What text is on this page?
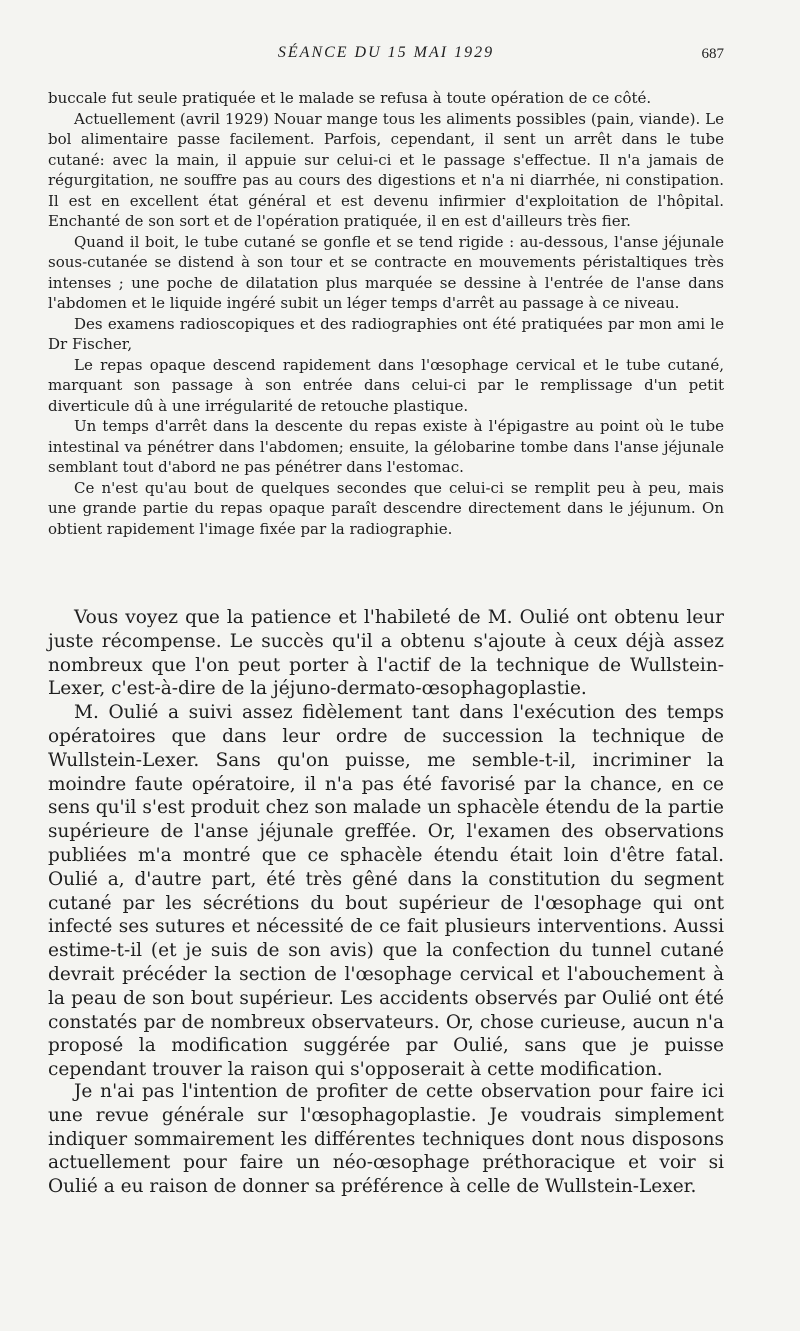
SÉANCE DU 15 MAI 1929	687

buccale fut seule pratiquée et le malade se refusa à toute opération de ce côté.

Actuellement (avril 1929) Nouar mange tous les aliments possibles (pain, viande). Le bol alimentaire passe facilement. Parfois, cependant, il sent un arrêt dans le tube cutané: avec la main, il appuie sur celui-ci et le passage s'effectue. Il n'a jamais de régurgitation, ne souffre pas au cours des digestions et n'a ni diarrhée, ni constipation. Il est en excellent état général et est devenu infirmier d'exploitation de l'hôpital. Enchanté de son sort et de l'opération pratiquée, il en est d'ailleurs très fier.

Quand il boit, le tube cutané se gonfle et se tend rigide : au-dessous, l'anse jéjunale sous-cutanée se distend à son tour et se contracte en mouvements péristaltiques très intenses ; une poche de dilatation plus marquée se dessine à l'entrée de l'anse dans l'abdomen et le liquide ingéré subit un léger temps d'arrêt au passage à ce niveau.

Des examens radioscopiques et des radiographies ont été pratiquées par mon ami le Dr Fischer,

Le repas opaque descend rapidement dans l'œsophage cervical et le tube cutané, marquant son passage à son entrée dans celui-ci par le remplissage d'un petit diverticule dû à une irrégularité de retouche plastique.

Un temps d'arrêt dans la descente du repas existe à l'épigastre au point où le tube intestinal va pénétrer dans l'abdomen; ensuite, la gélobarine tombe dans l'anse jéjunale semblant tout d'abord ne pas pénétrer dans l'estomac.

Ce n'est qu'au bout de quelques secondes que celui-ci se remplit peu à peu, mais une grande partie du repas opaque paraît descendre directement dans le jéjunum. On obtient rapidement l'image fixée par la radiographie.

Vous voyez que la patience et l'habileté de M. Oulié ont obtenu leur juste récompense. Le succès qu'il a obtenu s'ajoute à ceux déjà assez nombreux que l'on peut porter à l'actif de la technique de Wullstein-Lexer, c'est-à-dire de la jéjuno-dermato-œsophagoplastie.

M. Oulié a suivi assez fidèlement tant dans l'exécution des temps opératoires que dans leur ordre de succession la technique de Wullstein-Lexer. Sans qu'on puisse, me semble-t-il, incriminer la moindre faute opératoire, il n'a pas été favorisé par la chance, en ce sens qu'il s'est produit chez son malade un sphacèle étendu de la partie supérieure de l'anse jéjunale greffée. Or, l'examen des observations publiées m'a montré que ce sphacèle étendu était loin d'être fatal. Oulié a, d'autre part, été très gêné dans la constitution du segment cutané par les sécrétions du bout supérieur de l'œsophage qui ont infecté ses sutures et nécessité de ce fait plusieurs interventions. Aussi estime-t-il (et je suis de son avis) que la confection du tunnel cutané devrait précéder la section de l'œsophage cervical et l'abouchement à la peau de son bout supérieur. Les accidents observés par Oulié ont été constatés par de nombreux observateurs. Or, chose curieuse, aucun n'a proposé la modification suggérée par Oulié, sans que je puisse cependant trouver la raison qui s'opposerait à cette modification.

Je n'ai pas l'intention de profiter de cette observation pour faire ici une revue générale sur l'œsophagoplastie. Je voudrais simplement indiquer sommairement les différentes techniques dont nous disposons actuellement pour faire un néo-œsophage préthoracique et voir si Oulié a eu raison de donner sa préférence à celle de Wullstein-Lexer.
